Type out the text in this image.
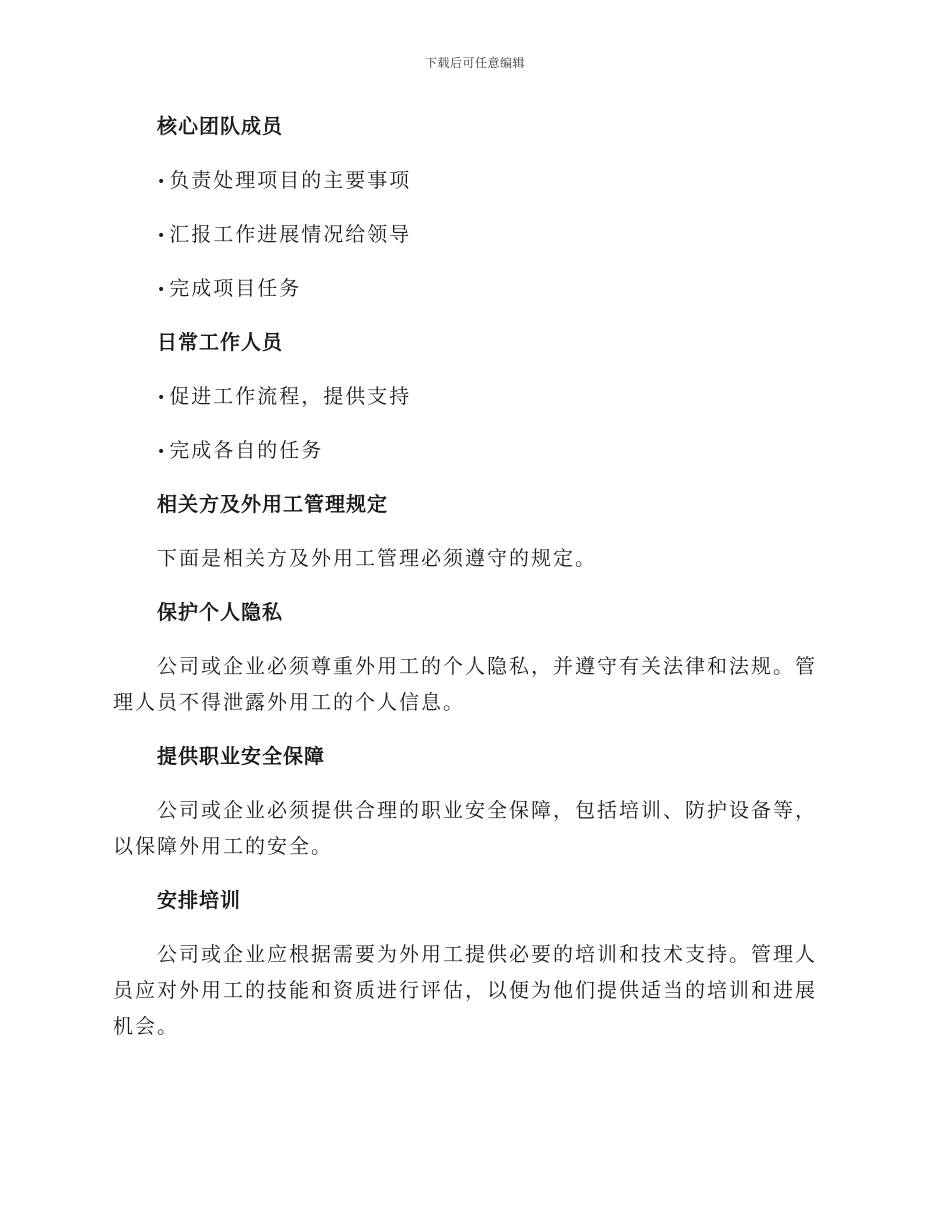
下载后可任意编辑
核心团队成员

• 负责处理项目的主要事项

• 汇报工作进展情况给领导

• 完成项目任务

日常工作人员

• 促进工作流程，提供支持

• 完成各自的任务

相关方及外用工管理规定

下面是相关方及外用工管理必须遵守的规定。

保护个人隐私

公司或企业必须尊重外用工的个人隐私，并遵守有关法律和法规。管理人员不得泄露外用工的个人信息。

提供职业安全保障

公司或企业必须提供合理的职业安全保障，包括培训、防护设备等，以保障外用工的安全。

安排培训

公司或企业应根据需要为外用工提供必要的培训和技术支持。管理人员应对外用工的技能和资质进行评估，以便为他们提供适当的培训和进展机会。
